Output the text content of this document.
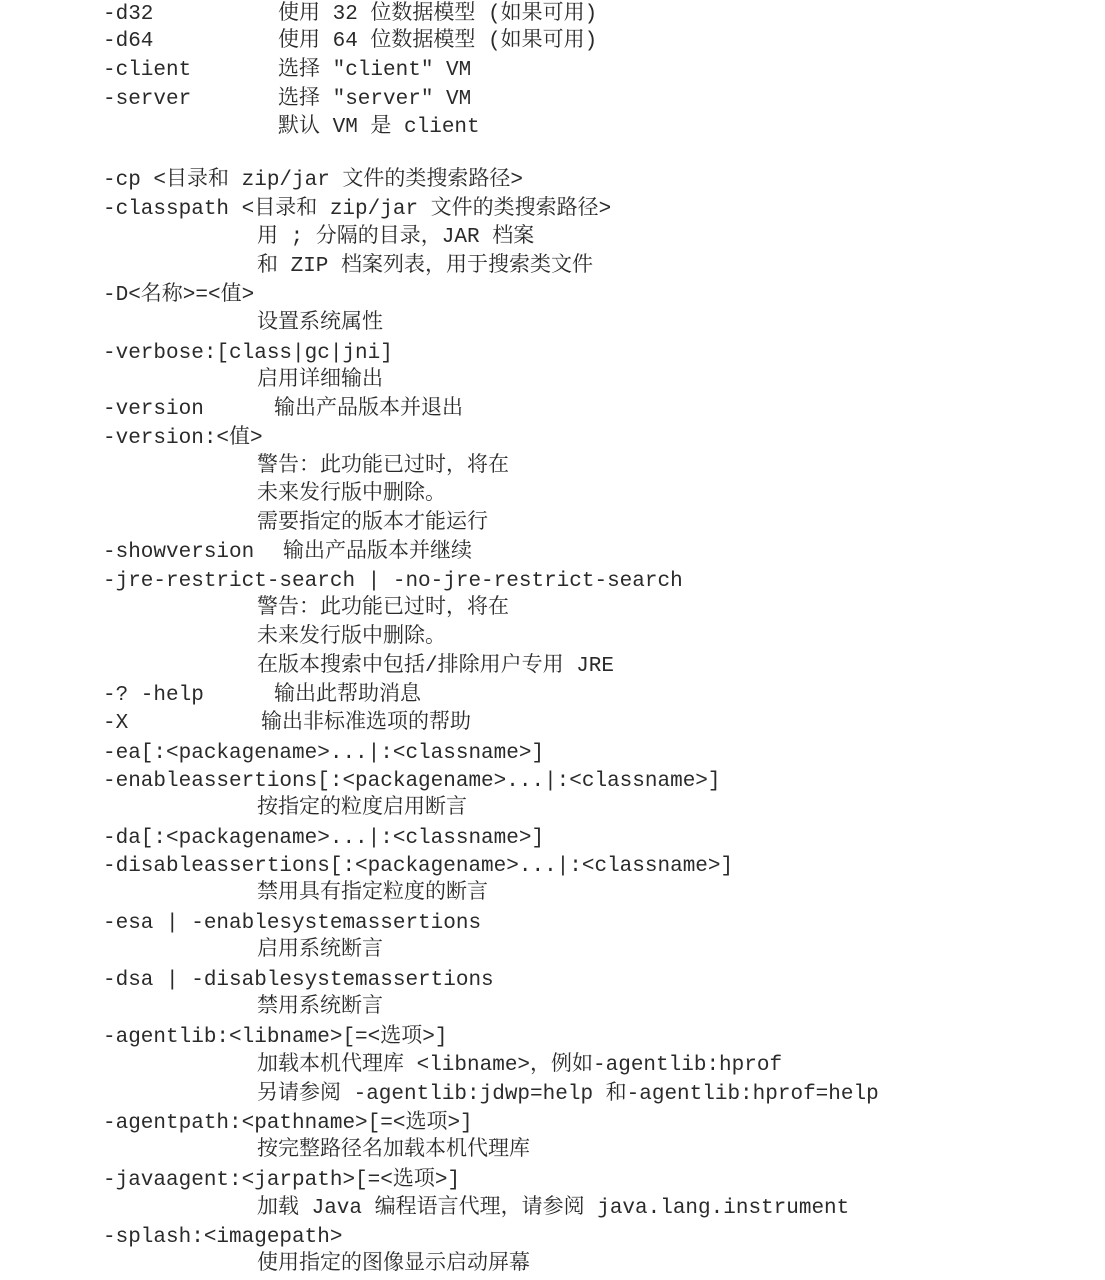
-d32	使用 32 位数据模型 (如果可用)
-d64	使用 64 位数据模型 (如果可用)
-client	选择 "client" VM
-server	选择 "server" VM
默认 VM 是 client
-cp <目录和 zip/jar 文件的类搜索路径>
-classpath <目录和 zip/jar 文件的类搜索路径>
用 ; 分隔的目录，JAR 档案
和 ZIP 档案列表，用于搜索类文件
-D<名称>=<值>
设置系统属性
-verbose:[class|gc|jni]
启用详细输出
-version	输出产品版本并退出
-version:<值>
警告：此功能已过时，将在
未来发行版中删除。
需要指定的版本才能运行
-showversion 输出产品版本并继续
-jre-restrict-search | -no-jre-restrict-search
警告：此功能已过时，将在
未来发行版中删除。
在版本搜索中包括/排除用户专用 JRE
-? -help	输出此帮助消息
-X	输出非标准选项的帮助
-ea[:<packagename>...|:<classname>]
-enableassertions[:<packagename>...|:<classname>]
按指定的粒度启用断言
-da[:<packagename>...|:<classname>]
-disableassertions[:<packagename>...|:<classname>]
禁用具有指定粒度的断言
-esa | -enablesystemassertions
启用系统断言
-dsa | -disablesystemassertions
禁用系统断言
-agentlib:<libname>[=<选项>]
加载本机代理库 <libname>，例如-agentlib:hprof
另请参阅 -agentlib:jdwp=help 和-agentlib:hprof=help
-agentpath:<pathname>[=<选项>]
按完整路径名加载本机代理库
-javaagent:<jarpath>[=<选项>]
加载 Java 编程语言代理，请参阅 java.lang.instrument
-splash:<imagepath>
使用指定的图像显示启动屏幕
